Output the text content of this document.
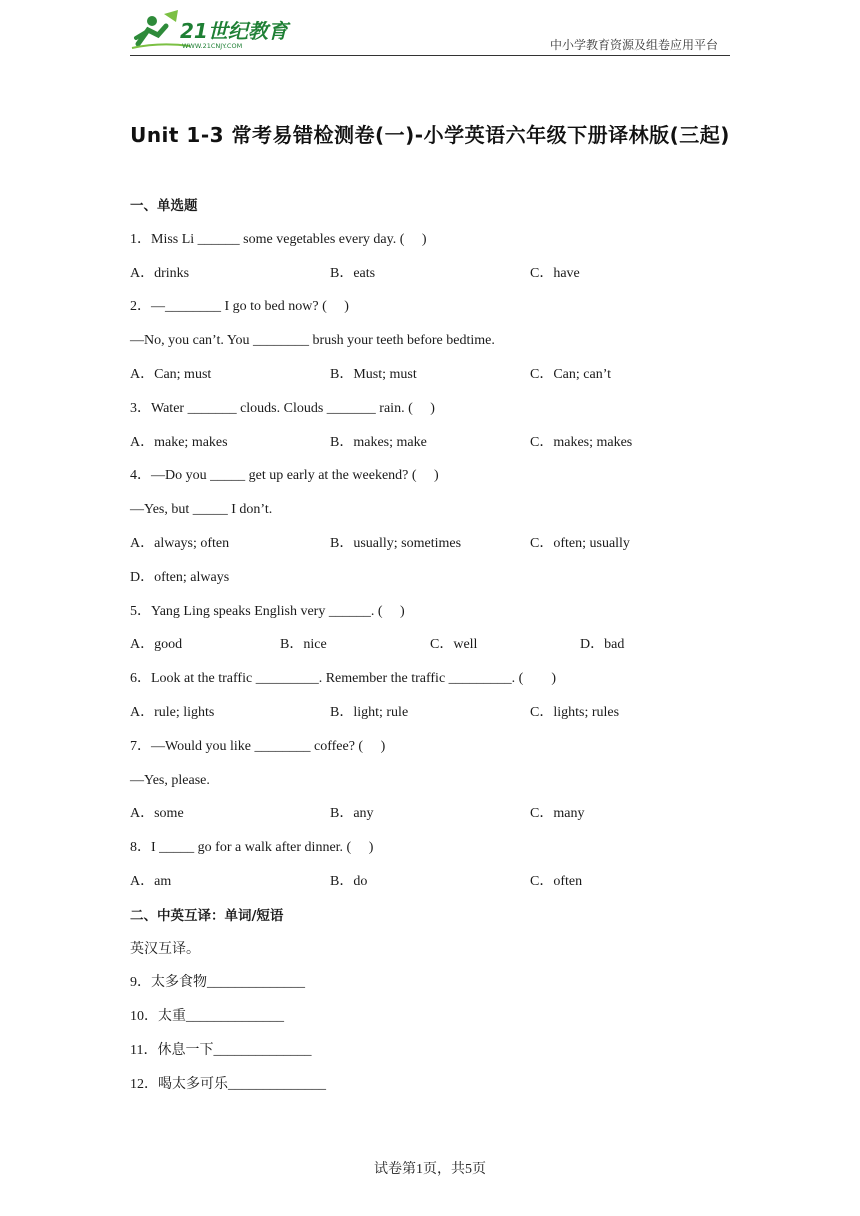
21世纪教育
WWW.21CNJY.COM	中小学教育资源及组卷应用平台
Unit 1-3 常考易错检测卷(一)-小学英语六年级下册译林版(三起)
一、单选题
1．Miss Li ______ some vegetables every day. (　 )
A．drinks	B．eats	C．have
2．—________ I go to bed now? (　 )
—No, you can’t. You ________ brush your teeth before bedtime.
A．Can; must	B．Must; must	C．Can; can’t
3．Water _______ clouds. Clouds _______ rain. (　 )
A．make; makes	B．makes; make	C．makes; makes
4．—Do you _____ get up early at the weekend? (　 )
—Yes, but _____ I don’t.
A．always; often	B．usually; sometimes	C．often; usually
D．often; always
5．Yang Ling speaks English very ______. (　 )
A．good	B．nice	C．well	D．bad
6．Look at the traffic _________. Remember the traffic _________. (　　)
A．rule; lights	B．light; rule	C．lights; rules
7．—Would you like ________ coffee? (　 )
—Yes, please.
A．some	B．any	C．many
8．I _____ go for a walk after dinner. (　 )
A．am	B．do	C．often
二、中英互译：单词/短语
英汉互译。
9．太多食物______________
10．太重______________
11．休息一下______________
12．喝太多可乐______________
试卷第1页，共5页
